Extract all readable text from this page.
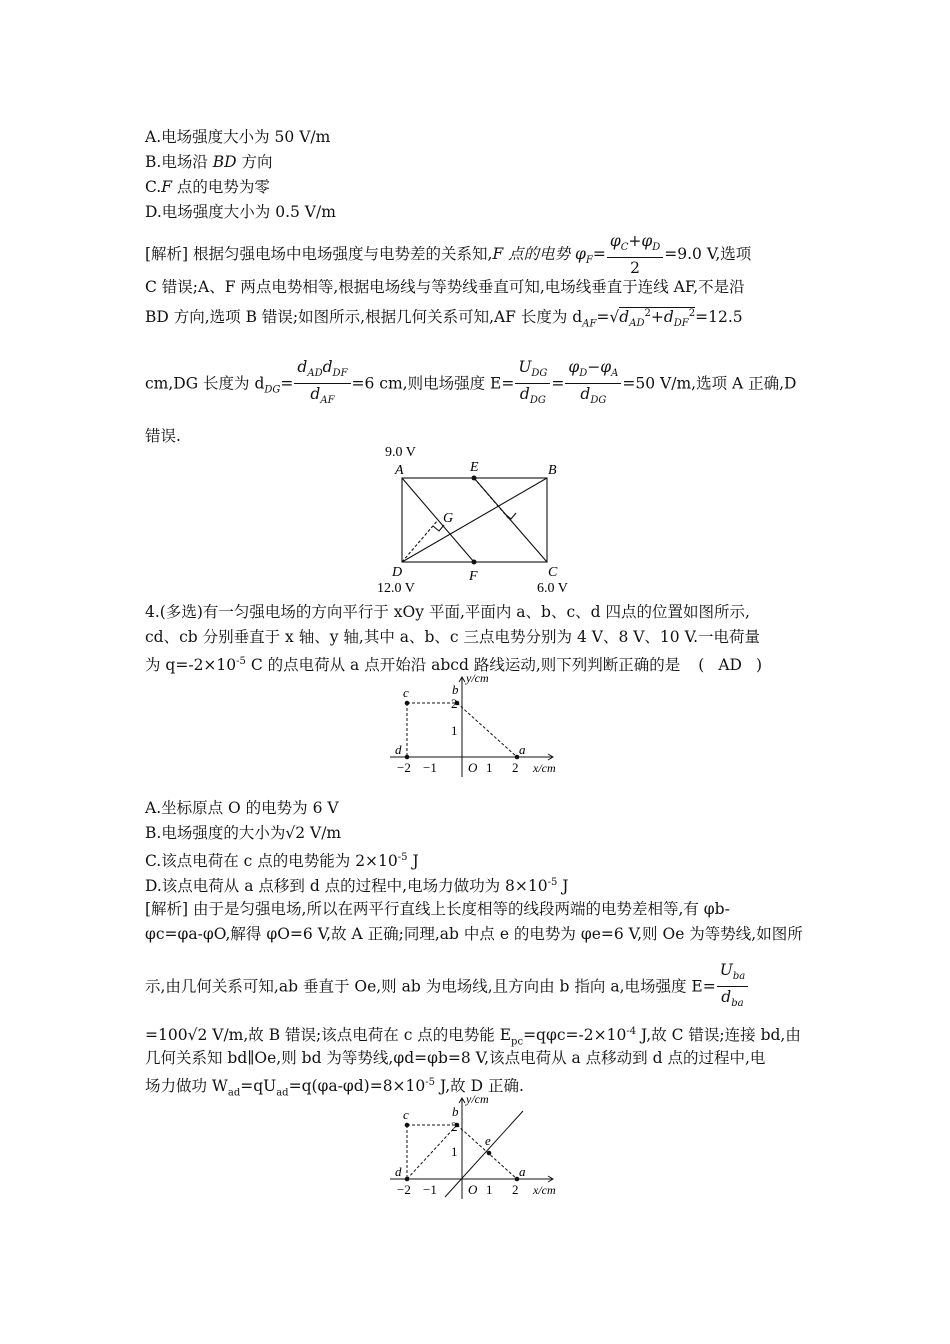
A.电场强度大小为 50 V/m
B.电场沿 BD 方向
C.F 点的电势为零
D.电场强度大小为 0.5 V/m
[解析] 根据匀强电场中电场强度与电势差的关系知,F 点的电势 $\varphi_F= \frac{\varphi_C+\varphi_D}{2} =9.0$ V,选项
C 错误;A、F 两点电势相等,根据电场线与等势线垂直可知,电场线垂直于连线 AF,不是沿
BD 方向,选项 B 错误;如图所示,根据几何关系可知,AF 长度为 $d_{AF}=√d_{AD}^2+d_{DF}^2=12.5$
cm,DG 长度为 $d_{DG}= \frac{d_{AD}d_{DF}}{d_{AF}} =6$ cm,则电场强度 $E= \frac{U_{DG}}{d_{DG}} = \frac{\varphi_D-\varphi_A}{d_{DG}} =50$ V/m,选项 A 正确,D
错误.
9.0 V
A	B
E
G
D	F	C
12.0 V	6.0 V
4.(多选)有一匀强电场的方向平行于 xOy 平面,平面内 a、b、c、d 四点的位置如图所示,
cd、cb 分别垂直于 x 轴、y 轴,其中 a、b、c 三点电势分别为 4 V、8 V、10 V.一电荷量
为 $q=-2\times 10^{-5}$ C 的点电荷从 a 点开始沿 abcd 路线运动,则下列判断正确的是 ( AD )
y/cm
x/cm
c	b
d	a
2
1
−2 −1 O 1 2
A.坐标原点 O 的电势为 6 V
B.电场强度的大小为√2 V/m
C.该点电荷在 c 点的电势能为 $2\times 10^{-5}$ J
D.该点电荷从 a 点移到 d 点的过程中,电场力做功为 $8\times 10^{-5}$ J
[解析] 由于是匀强电场,所以在两平行直线上长度相等的线段两端的电势差相等,有 φb-
φc=φa-φO,解得 φO=6 V,故 A 正确;同理,ab 中点 e 的电势为 φe=6 V,则 Oe 为等势线,如图所
示,由几何关系可知,ab 垂直于 Oe,则 ab 为电场线,且方向由 b 指向 a,电场强度 $E= \frac{U_{ba}}{d_{ba}}$
=100√2 V/m,故 B 错误;该点电荷在 c 点的电势能 $E_{pc}=q\varphi c=-2\times 10^{-4}$ J,故 C 错误;连接 bd,由
几何关系知 bd∥Oe,则 bd 为等势线,φd=φb=8 V,该点电荷从 a 点移动到 d 点的过程中,电
场力做功 $W_{ad}=qU_{ad}=q(\varphi a-\varphi d)=8\times 10^{-5}$ J,故 D 正确.
y/cm
x/cm
c	b
d	a
e
2
1
−2 −1 O 1 2
